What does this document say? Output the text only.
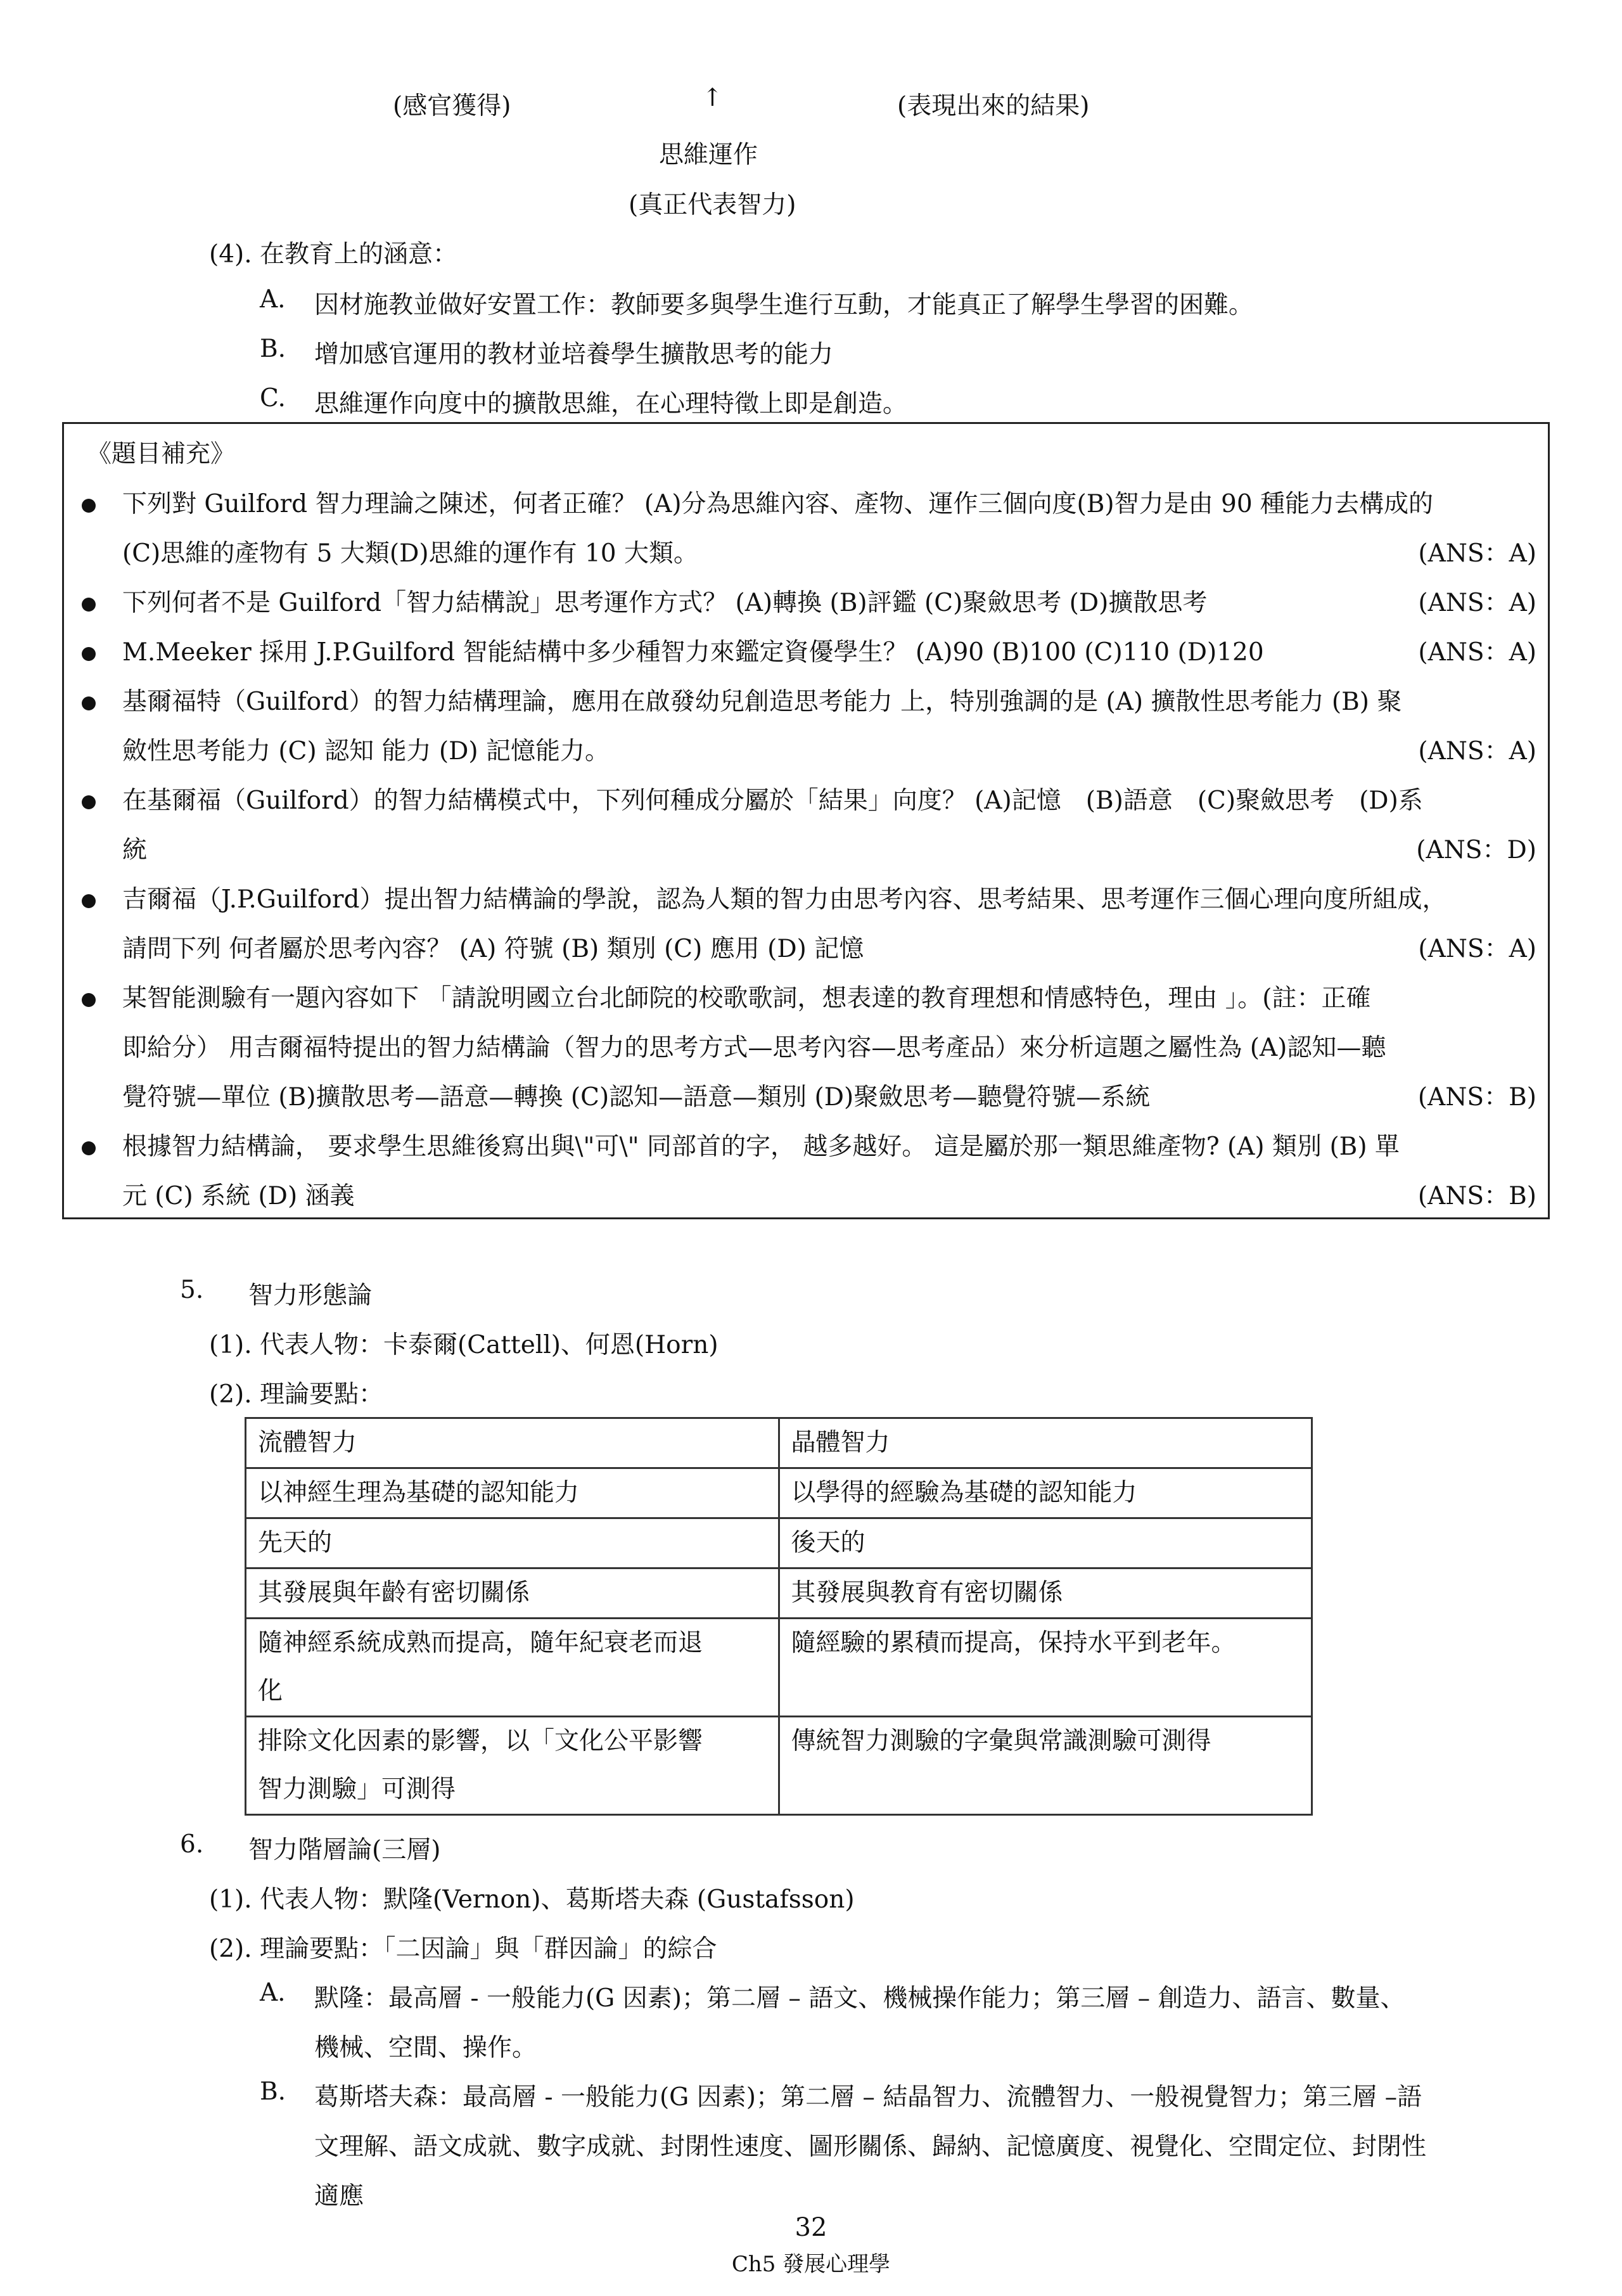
(感官獲得)	↑	(表現出來的結果)
思維運作
(真正代表智力)
(4). 在教育上的涵意：
A. 因材施教並做好安置工作：教師要多與學生進行互動，才能真正了解學生學習的困難。
B. 增加感官運用的教材並培養學生擴散思考的能力
C. 思維運作向度中的擴散思維，在心理特徵上即是創造。
《題目補充》
下列對 Guilford 智力理論之陳述，何者正確？ (A)分為思維內容、產物、運作三個向度(B)智力是由 90 種能力去構成的
(C)思維的產物有 5 大類(D)思維的運作有 10 大類。	(ANS：A)
下列何者不是 Guilford「智力結構說」思考運作方式？ (A)轉換 (B)評鑑 (C)聚斂思考 (D)擴散思考	(ANS：A)
M.Meeker 採用 J.P.Guilford 智能結構中多少種智力來鑑定資優學生？ (A)90 (B)100 (C)110 (D)120	(ANS：A)
基爾福特（Guilford）的智力結構理論，應用在啟發幼兒創造思考能力 上，特別強調的是 (A) 擴散性思考能力 (B) 聚
斂性思考能力 (C) 認知 能力 (D) 記憶能力。	(ANS：A)
在基爾福（Guilford）的智力結構模式中，下列何種成分屬於「結果」向度？ (A)記憶　(B)語意　(C)聚斂思考　(D)系
統	(ANS：D)
吉爾福（J.P.Guilford）提出智力結構論的學說，認為人類的智力由思考內容、思考結果、思考運作三個心理向度所組成，
請問下列 何者屬於思考內容？ (A) 符號 (B) 類別 (C) 應用 (D) 記憶	(ANS：A)
某智能測驗有一題內容如下 「請說明國立台北師院的校歌歌詞，想表達的教育理想和情感特色，理由 」。(註：正確
即給分） 用吉爾福特提出的智力結構論（智力的思考方式—思考內容—思考產品）來分析這題之屬性為 (A)認知—聽
覺符號—單位 (B)擴散思考—語意—轉換 (C)認知—語意—類別 (D)聚斂思考—聽覺符號—系統	(ANS：B)
根據智力結構論， 要求學生思維後寫出與\"可\" 同部首的字， 越多越好。 這是屬於那一類思維產物? (A) 類別 (B) 單
元 (C) 系統 (D) 涵義	(ANS：B)
5. 智力形態論
(1). 代表人物：卡泰爾(Cattell)、何恩(Horn)
(2). 理論要點：
流體智力	晶體智力
以神經生理為基礎的認知能力	以學得的經驗為基礎的認知能力
先天的	後天的
其發展與年齡有密切關係	其發展與教育有密切關係
隨神經系統成熟而提高，隨年紀衰老而退
化	隨經驗的累積而提高，保持水平到老年。
排除文化因素的影響，以「文化公平影響
智力測驗」可測得	傳統智力測驗的字彙與常識測驗可測得
6. 智力階層論(三層)
(1). 代表人物：默隆(Vernon)、葛斯塔夫森 (Gustafsson)
(2). 理論要點：「二因論」與「群因論」的綜合
A. 默隆：最高層 - 一般能力(G 因素)；第二層 – 語文、機械操作能力；第三層 – 創造力、語言、數量、
機械、空間、操作。
B. 葛斯塔夫森：最高層 - 一般能力(G 因素)；第二層 – 結晶智力、流體智力、一般視覺智力；第三層 –語
文理解、語文成就、數字成就、封閉性速度、圖形關係、歸納、記憶廣度、視覺化、空間定位、封閉性
適應
32
Ch5 發展心理學
